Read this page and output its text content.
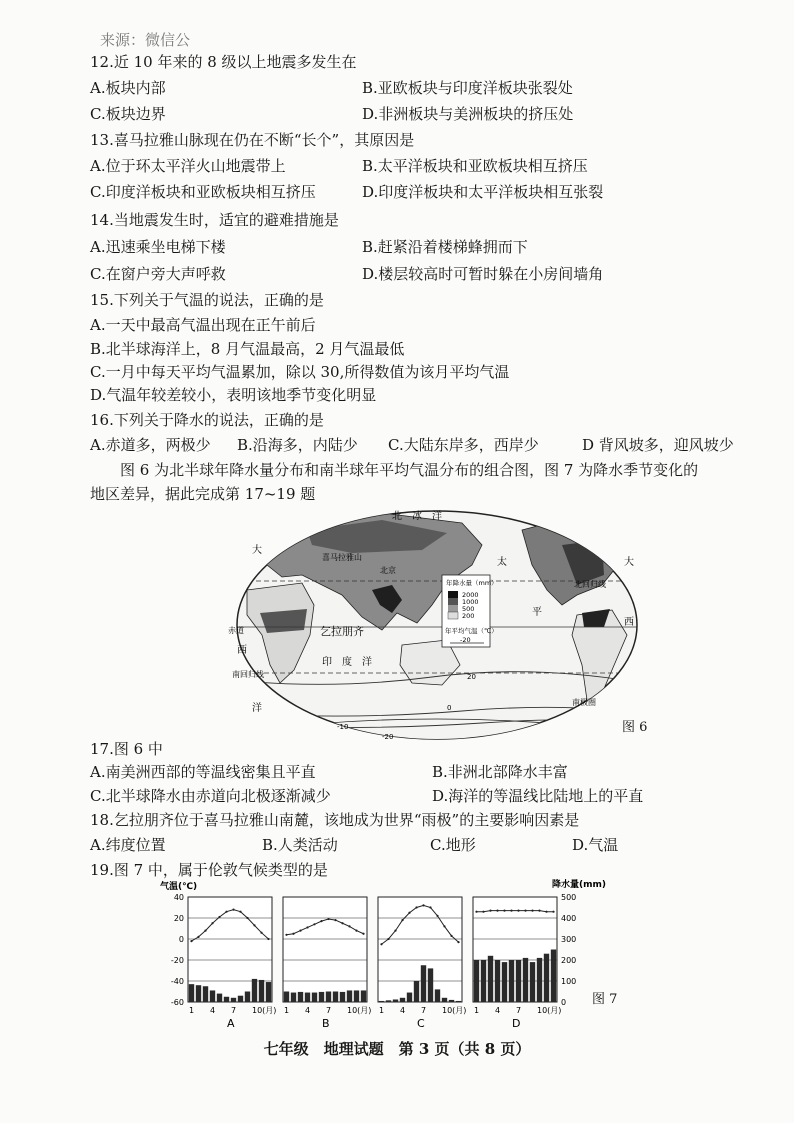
来源：微信公
12.近 10 年来的 8 级以上地震多发生在
A.板块内部	B.亚欧板块与印度洋板块张裂处
C.板块边界	D.非洲板块与美洲板块的挤压处
13.喜马拉雅山脉现在仍在不断“长个”，其原因是
A.位于环太平洋火山地震带上	B.太平洋板块和亚欧板块相互挤压
C.印度洋板块和亚欧板块相互挤压	D.印度洋板块和太平洋板块相互张裂
14.当地震发生时，适宜的避难措施是
A.迅速乘坐电梯下楼	B.赶紧沿着楼梯蜂拥而下
C.在窗户旁大声呼救	D.楼层较高时可暂时躲在小房间墙角
15.下列关于气温的说法，正确的是
A.一天中最高气温出现在正午前后
B.北半球海洋上，8 月气温最高，2 月气温最低
C.一月中每天平均气温累加，除以 30,所得数值为该月平均气温
D.气温年较差较小，表明该地季节变化明显
16.下列关于降水的说法，正确的是
A.赤道多，两极少 B.沿海多，内陆少 C.大陆东岸多，西岸少	D 背风坡多，迎风坡少
图 6 为北半球年降水量分布和南半球年平均气温分布的组合图，图 7 为降水季节变化的
地区差异，据此完成第 17~19 题
年降水量（mm）
2000
1000
500
200
年平均气温（℃）
-20
北　冰　洋
大
太	大
平
西
西
印　度　洋
洋
北回归线
赤道
南回归线
北京
喜马拉雅山
乞拉朋齐
南极圈
20
0
-10
-20
图 6
17.图 6 中
A.南美洲西部的等温线密集且平直	B.非洲北部降水丰富
C.北半球降水由赤道向北极逐渐减少	D.海洋的等温线比陆地上的平直
18.乞拉朋齐位于喜马拉雅山南麓，该地成为世界“雨极”的主要影响因素是
A.纬度位置	B.人类活动	C.地形	D.气温
19.图 7 中，属于伦敦气候类型的是
气温(℃)
40
20
0
-20
-40
-60
降水量(mm)
500
400
300
200
100
0
1 4 7 10(月)
A
1 4 7 10(月)
B
1 4 7 10(月)
C
1 4 7 10(月)
D
图 7
七年级　地理试题　第 3 页（共 8 页）
